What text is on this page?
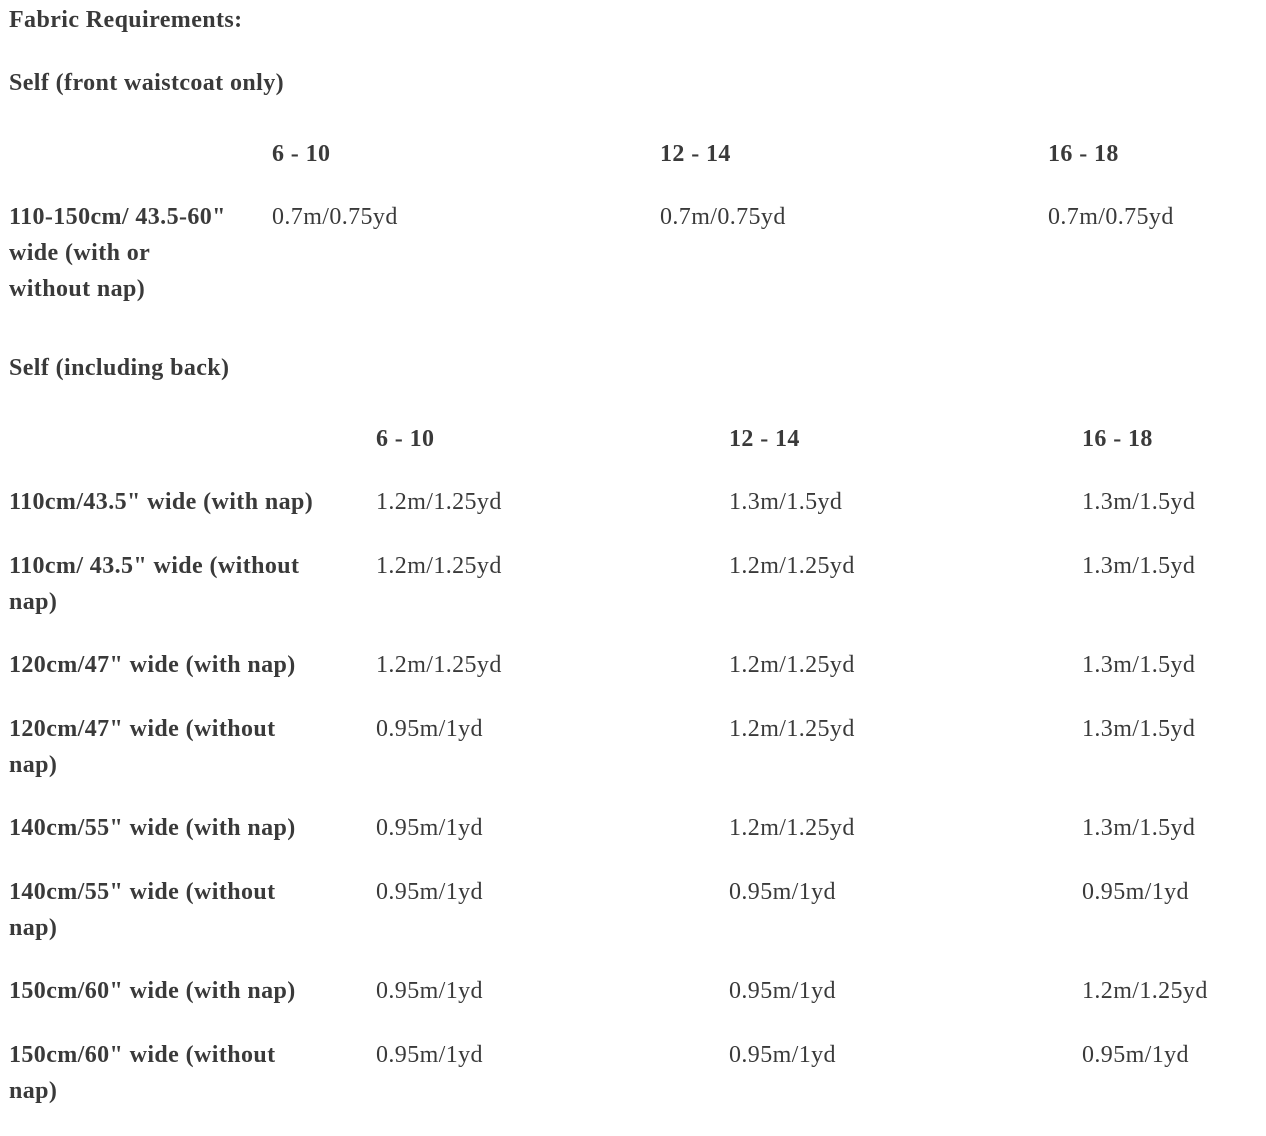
Fabric Requirements:
Self (front waistcoat only)
	6 - 10	12 - 14	16 - 18
110-150cm/ 43.5-60"
wide (with or
without nap)	0.7m/0.75yd	0.7m/0.75yd	0.7m/0.75yd
Self (including back)
	6 - 10	12 - 14	16 - 18
110cm/43.5" wide (with nap)	1.2m/1.25yd	1.3m/1.5yd	1.3m/1.5yd
110cm/ 43.5" wide (without
nap)	1.2m/1.25yd	1.2m/1.25yd	1.3m/1.5yd
120cm/47" wide (with nap)	1.2m/1.25yd	1.2m/1.25yd	1.3m/1.5yd
120cm/47" wide (without
nap)	0.95m/1yd	1.2m/1.25yd	1.3m/1.5yd
140cm/55" wide (with nap)	0.95m/1yd	1.2m/1.25yd	1.3m/1.5yd
140cm/55" wide (without
nap)	0.95m/1yd	0.95m/1yd	0.95m/1yd
150cm/60" wide (with nap)	0.95m/1yd	0.95m/1yd	1.2m/1.25yd
150cm/60" wide (without
nap)	0.95m/1yd	0.95m/1yd	0.95m/1yd
